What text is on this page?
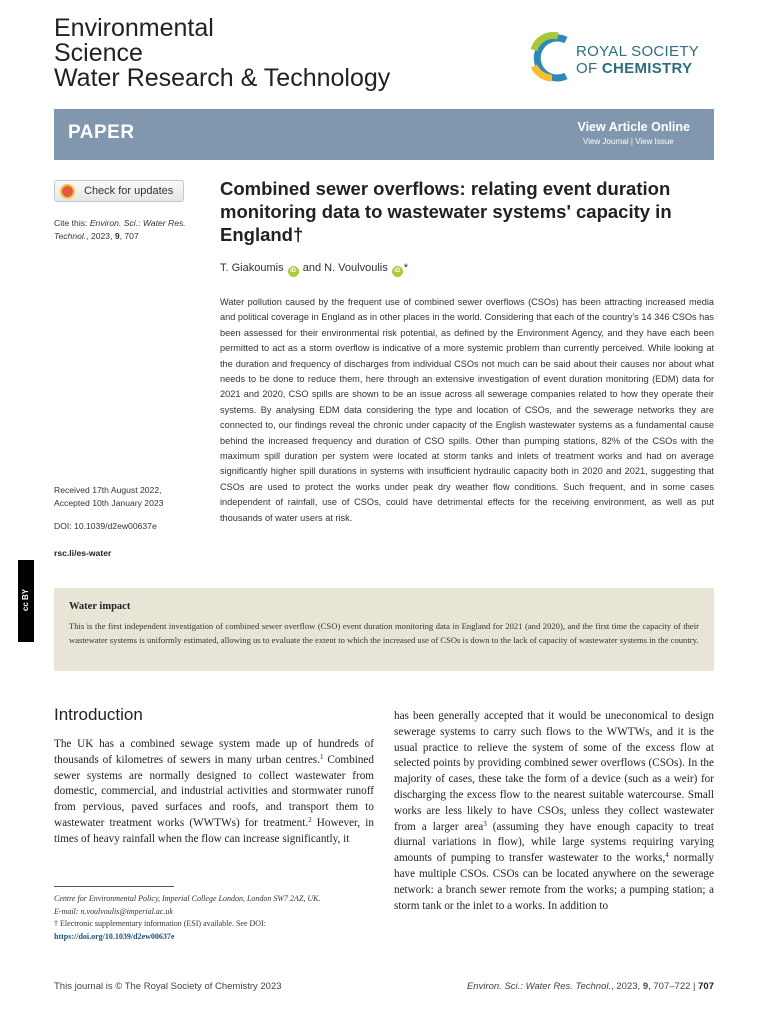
Environmental
Science
Water Research & Technology
ROYAL SOCIETY
OF CHEMISTRY
PAPER	View Article Online
View Journal | View Issue
Check for updates
Cite this: Environ. Sci.: Water Res. Technol., 2023, 9, 707
Combined sewer overflows: relating event duration monitoring data to wastewater systems' capacity in England†
T. Giakoumis iD and N. Voulvoulis iD *
Water pollution caused by the frequent use of combined sewer overflows (CSOs) has been attracting increased media and political coverage in England as in other places in the world. Considering that each of the country's 14 346 CSOs has been assessed for their environmental risk potential, as defined by the Environment Agency, and they have each been permitted to act as a storm overflow is indicative of a more systemic problem than currently perceived. While looking at the duration and frequency of discharges from individual CSOs not much can be said about their causes nor about what needs to be done to reduce them, here through an extensive investigation of event duration monitoring (EDM) data for 2021 and 2020, CSO spills are shown to be an issue across all sewerage companies related to how they operate their systems. By analysing EDM data considering the type and location of CSOs, and the sewerage networks they are connected to, our findings reveal the chronic under capacity of the English wastewater systems as a fundamental cause behind the increased frequency and duration of CSO spills. Other than pumping stations, 82% of the CSOs with the maximum spill duration per system were located at storm tanks and inlets of treatment works and had on average significantly higher spill durations in systems with insufficient hydraulic capacity both in 2020 and 2021, suggesting that CSOs are used to protect the works under peak dry weather flow conditions. Such frequent, and in some cases independent of rainfall, use of CSOs, could have detrimental effects for the receiving environment, as well as put thousands of water users at risk.
Received 17th August 2022,
Accepted 10th January 2023
DOI: 10.1039/d2ew00637e
rsc.li/es-water
cc BY	Water impact
This is the first independent investigation of combined sewer overflow (CSO) event duration monitoring data in England for 2021 (and 2020), and the first time the capacity of their wastewater systems is uniformly estimated, allowing us to evaluate the extent to which the increased use of CSOs is down to the lack of capacity of wastewater systems in the country.
Introduction
The UK has a combined sewage system made up of hundreds of thousands of kilometres of sewers in many urban centres.$^1$ Combined sewer systems are normally designed to collect wastewater from domestic, commercial, and industrial activities and stormwater runoff from pervious, paved surfaces and roofs, and transport them to wastewater treatment works (WWTWs) for treatment.$^2$ However, in times of heavy rainfall when the flow can increase significantly, it
has been generally accepted that it would be uneconomical to design sewerage systems to carry such flows to the WWTWs, and it is the usual practice to relieve the system of some of the excess flow at selected points by providing combined sewer overflows (CSOs). In the majority of cases, these take the form of a device (such as a weir) for discharging the excess flow to the nearest suitable watercourse. Small works are less likely to have CSOs, unless they collect wastewater from a larger area$^3$ (assuming they have enough capacity to treat diurnal variations in flow), while large systems requiring varying amounts of pumping to transfer wastewater to the works,$^4$ normally have multiple CSOs. CSOs can be located anywhere on the sewerage network: a branch sewer remote from the works; a pumping station; a storm tank or the inlet to a works. In addition to
Centre for Environmental Policy, Imperial College London, London SW7 2AZ, UK.
E-mail: n.voulvoulis@imperial.ac.uk
† Electronic supplementary information (ESI) available. See DOI: https://doi.org/10.1039/d2ew00637e
This journal is © The Royal Society of Chemistry 2023	Environ. Sci.: Water Res. Technol., 2023, 9, 707–722 | 707
